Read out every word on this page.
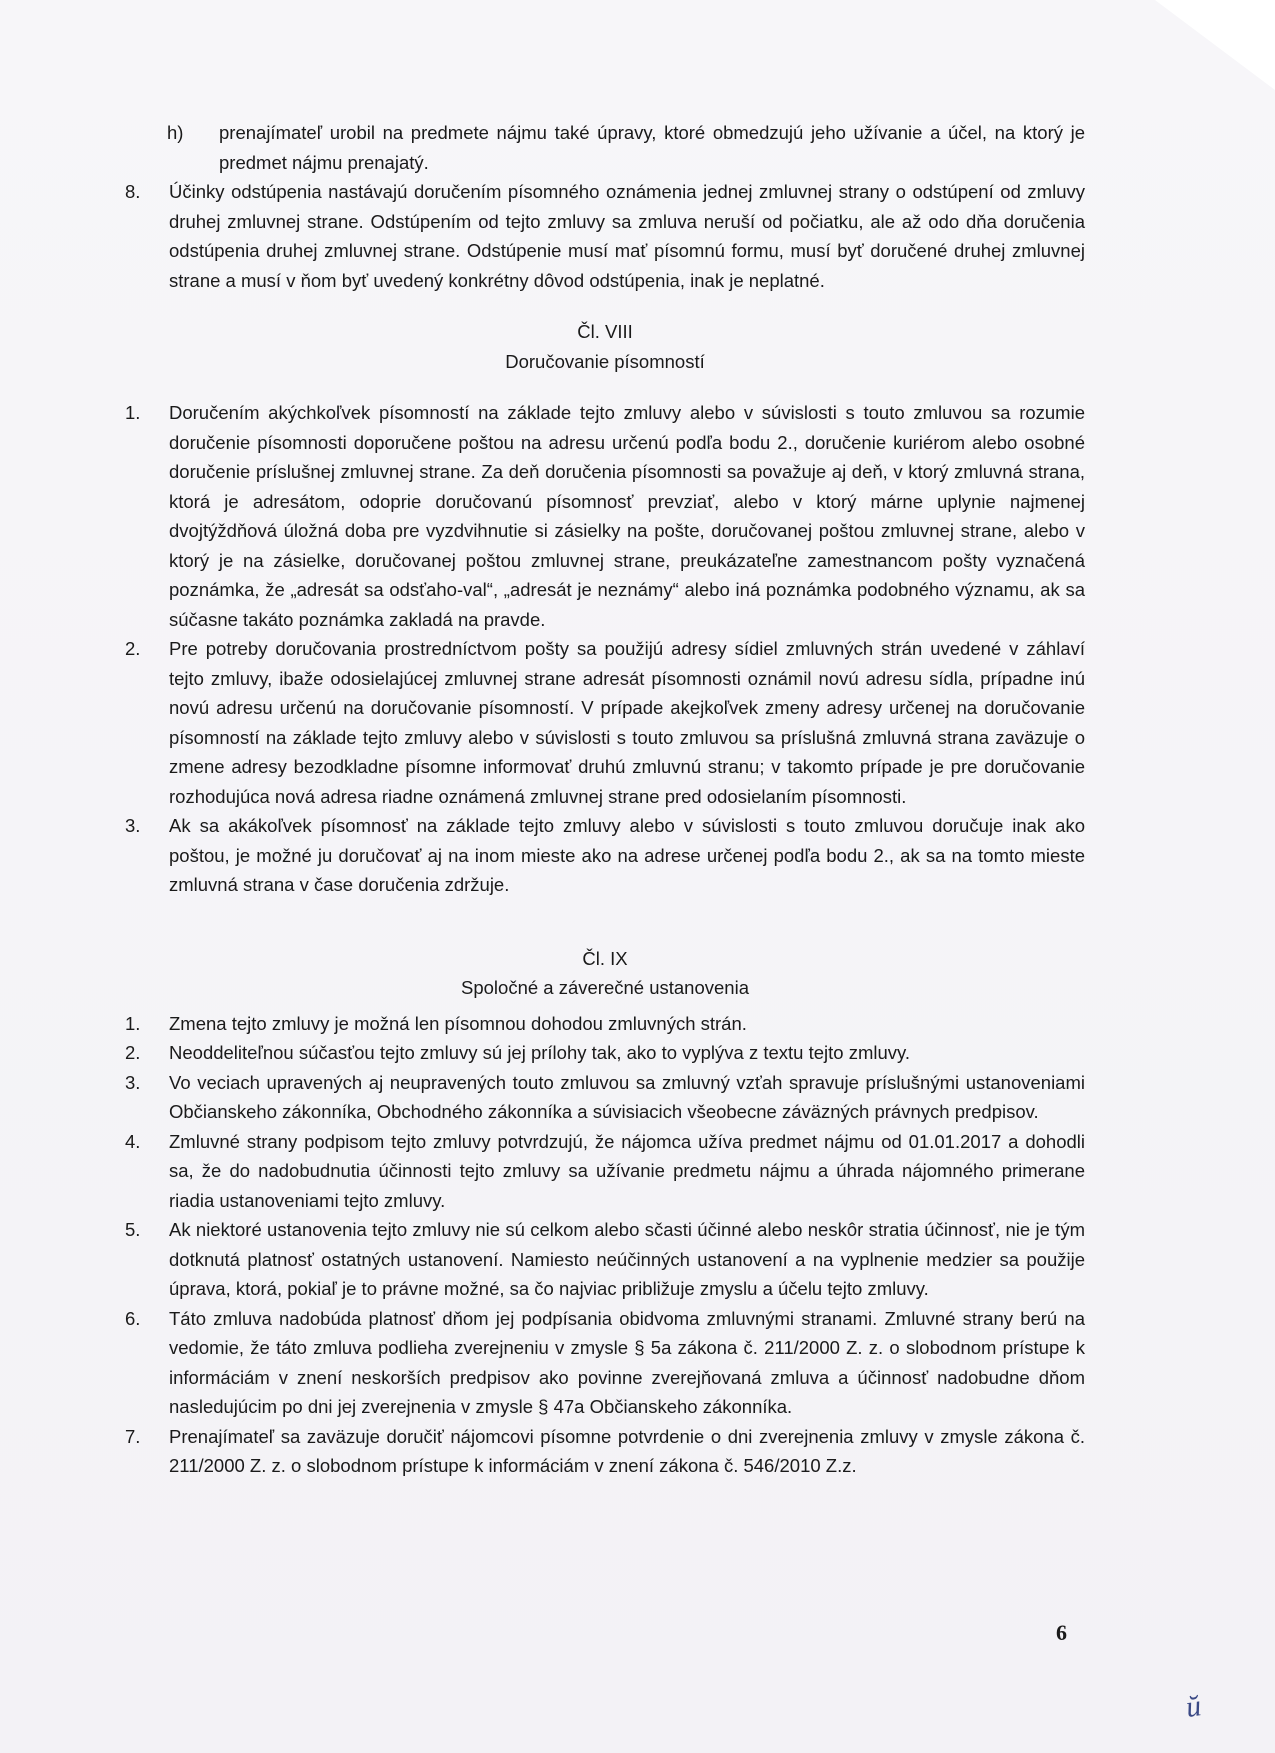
h)	prenajímateľ urobil na predmete nájmu také úpravy, ktoré obmedzujú jeho užívanie a účel, na ktorý je predmet nájmu prenajatý.
8.	Účinky odstúpenia nastávajú doručením písomného oznámenia jednej zmluvnej strany o odstúpení od zmluvy druhej zmluvnej strane. Odstúpením od tejto zmluvy sa zmluva neruší od počiatku, ale až odo dňa doručenia odstúpenia druhej zmluvnej strane. Odstúpenie musí mať písomnú formu, musí byť doručené druhej zmluvnej strane a musí v ňom byť uvedený konkrétny dôvod odstúpenia, inak je neplatné.
Čl. VIII
Doručovanie písomností
1.	Doručením akýchkoľvek písomností na základe tejto zmluvy alebo v súvislosti s touto zmluvou sa rozumie doručenie písomnosti doporučene poštou na adresu určenú podľa bodu 2., doručenie kuriérom alebo osobné doručenie príslušnej zmluvnej strane. Za deň doručenia písomnosti sa považuje aj deň, v ktorý zmluvná strana, ktorá je adresátom, odoprie doručovanú písomnosť prevziať, alebo v ktorý márne uplynie najmenej dvojtýždňová úložná doba pre vyzdvihnutie si zásielky na pošte, doručovanej poštou zmluvnej strane, alebo v ktorý je na zásielke, doručovanej poštou zmluvnej strane, preukázateľne zamestnancom pošty vyznačená poznámka, že „adresát sa odsťaho-val“, „adresát je neznámy“ alebo iná poznámka podobného významu, ak sa súčasne takáto poznámka zakladá na pravde.
2.	Pre potreby doručovania prostredníctvom pošty sa použijú adresy sídiel zmluvných strán uvedené v záhlaví tejto zmluvy, ibaže odosielajúcej zmluvnej strane adresát písomnosti oznámil novú adresu sídla, prípadne inú novú adresu určenú na doručovanie písomností. V prípade akejkoľvek zmeny adresy určenej na doručovanie písomností na základe tejto zmluvy alebo v súvislosti s touto zmluvou sa príslušná zmluvná strana zaväzuje o zmene adresy bezodkladne písomne informovať druhú zmluvnú stranu; v takomto prípade je pre doručovanie rozhodujúca nová adresa riadne oznámená zmluvnej strane pred odosielaním písomnosti.
3.	Ak sa akákoľvek písomnosť na základe tejto zmluvy alebo v súvislosti s touto zmluvou doručuje inak ako poštou, je možné ju doručovať aj na inom mieste ako na adrese určenej podľa bodu 2., ak sa na tomto mieste zmluvná strana v čase doručenia zdržuje.
Čl. IX
Spoločné a záverečné ustanovenia
1.	Zmena tejto zmluvy je možná len písomnou dohodou zmluvných strán.
2.	Neoddeliteľnou súčasťou tejto zmluvy sú jej prílohy tak, ako to vyplýva z textu tejto zmluvy.
3.	Vo veciach upravených aj neupravených touto zmluvou sa zmluvný vzťah spravuje príslušnými ustanoveniami Občianskeho zákonníka, Obchodného zákonníka a súvisiacich všeobecne záväzných právnych predpisov.
4.	Zmluvné strany podpisom tejto zmluvy potvrdzujú, že nájomca užíva predmet nájmu od 01.01.2017 a dohodli sa, že do nadobudnutia účinnosti tejto zmluvy sa užívanie predmetu nájmu a úhrada nájomného primerane riadia ustanoveniami tejto zmluvy.
5.	Ak niektoré ustanovenia tejto zmluvy nie sú celkom alebo sčasti účinné alebo neskôr stratia účinnosť, nie je tým dotknutá platnosť ostatných ustanovení. Namiesto neúčinných ustanovení a na vyplnenie medzier sa použije úprava, ktorá, pokiaľ je to právne možné, sa čo najviac približuje zmyslu a účelu tejto zmluvy.
6.	Táto zmluva nadobúda platnosť dňom jej podpísania obidvoma zmluvnými stranami. Zmluvné strany berú na vedomie, že táto zmluva podlieha zverejneniu v zmysle § 5a zákona č. 211/2000 Z. z. o slobodnom prístupe k informáciám v znení neskorších predpisov ako povinne zverejňovaná zmluva a účinnosť nadobudne dňom nasledujúcim po dni jej zverejnenia v zmysle § 47a Občianskeho zákonníka.
7.	Prenajímateľ sa zaväzuje doručiť nájomcovi písomne potvrdenie o dni zverejnenia zmluvy v zmysle zákona č. 211/2000 Z. z. o slobodnom prístupe k informáciám v znení zákona č. 546/2010 Z.z.
6
ŭ
